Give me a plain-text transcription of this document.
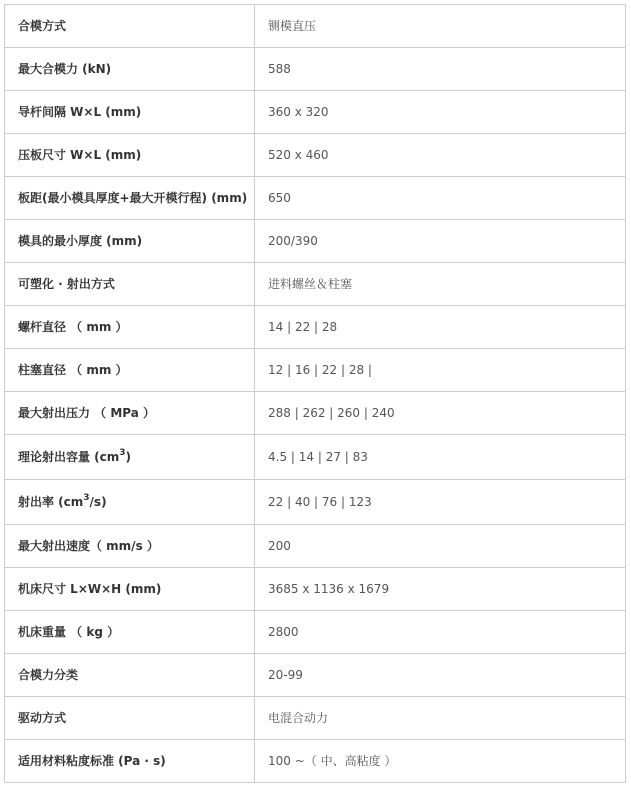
合模方式	铡模直压
最大合模力 (kN)	588
导杆间隔 W×L (mm)	360 x 320
压板尺寸 W×L (mm)	520 x 460
板距(最小模具厚度+最大开模行程) (mm)	650
模具的最小厚度 (mm)	200/390
可塑化 · 射出方式	进料螺丝＆柱塞
螺杆直径 （ mm ）	14 | 22 | 28
柱塞直径 （ mm ）	12 | 16 | 22 | 28 |
最大射出压力 （ MPa ）	288 | 262 | 260 | 240
理论射出容量 $(cm^3)$	4.5 | 14 | 27 | 83
射出率 $(cm^3/s)$	22 | 40 | 76 | 123
最大射出速度（ mm/s ）	200
机床尺寸 L×W×H (mm)	3685 x 1136 x 1679
机床重量 （ kg ）	2800
合模力分类	20-99
驱动方式	电混合动力
适用材料粘度标准 (Pa · s)	100 ~（ 中、高粘度 ）
